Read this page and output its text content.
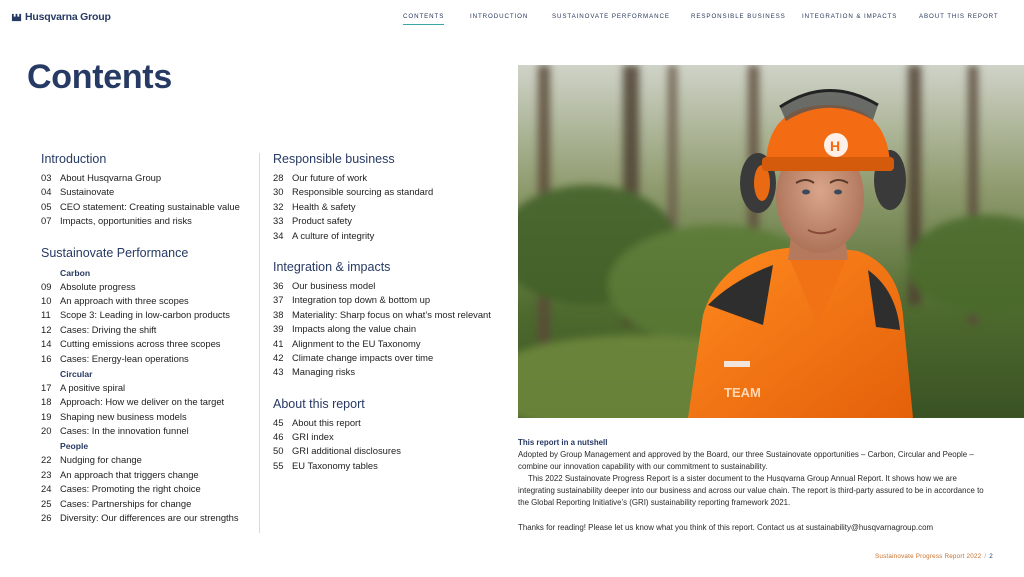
Husqvarna Group	CONTENTS	INTRODUCTION	SUSTAINOVATE PERFORMANCE	RESPONSIBLE BUSINESS	INTEGRATION & IMPACTS	ABOUT THIS REPORT
Contents
Introduction
03 About Husqvarna Group
04 Sustainovate
05 CEO statement: Creating sustainable value
07 Impacts, opportunities and risks
Sustainovate Performance
Carbon
09 Absolute progress
10 An approach with three scopes
11 Scope 3: Leading in low-carbon products
12 Cases: Driving the shift
14 Cutting emissions across three scopes
16 Cases: Energy-lean operations
Circular
17 A positive spiral
18 Approach: How we deliver on the target
19 Shaping new business models
20 Cases: In the innovation funnel
People
22 Nudging for change
23 An approach that triggers change
24 Cases: Promoting the right choice
25 Cases: Partnerships for change
26 Diversity: Our differences are our strengths
Responsible business
28 Our future of work
30 Responsible sourcing as standard
32 Health & safety
33 Product safety
34 A culture of integrity
Integration & impacts
36 Our business model
37 Integration top down & bottom up
38 Materiality: Sharp focus on what’s most relevant
39 Impacts along the value chain
41 Alignment to the EU Taxonomy
42 Climate change impacts over time
43 Managing risks
About this report
45 About this report
46 GRI index
50 GRI additional disclosures
55 EU Taxonomy tables
TEAM
H

This report in a nutshell

Adopted by Group Management and approved by the Board, our three Sustainovate opportunities – Carbon, Circular and People – combine our innovation capability with our commitment to sustainability.

This 2022 Sustainovate Progress Report is a sister document to the Husqvarna Group Annual Report. It shows how we are integrating sustainability deeper into our business and across our value chain. The report is third-party assured to be in accordance to the Global Reporting Initiative’s (GRI) sustainability reporting framework 2021.

Thanks for reading! Please let us know what you think of this report. Contact us at sustainability@husqvarnagroup.com

Sustainovate Progress Report 2022 / 2
